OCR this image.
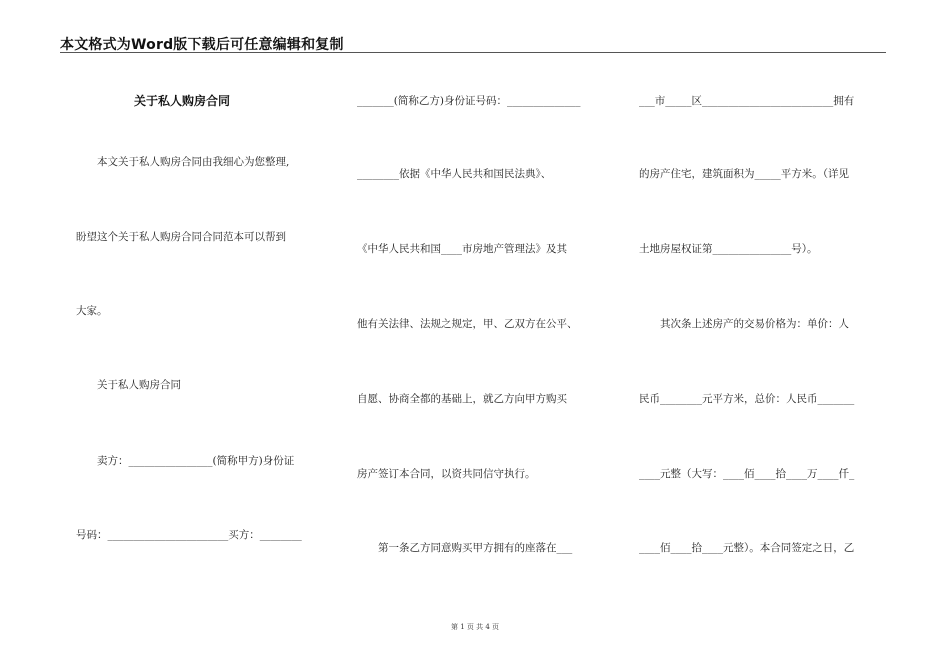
本文格式为Word版下载后可任意编辑和复制
关于私人购房合同
　　本文关于私人购房合同由我细心为您整理,
盼望这个关于私人购房合同合同范本可以帮到
大家。
　　关于私人购房合同
　　卖方：________________(简称甲方)身份证
号码：_______________________买方：________
_______(简称乙方)身份证号码：______________
________依据《中华人民共和国民法典》、
《中华人民共和国____市房地产管理法》及其
他有关法律、法规之规定，甲、乙双方在公平、
自愿、协商全都的基础上，就乙方向甲方购买
房产签订本合同，以资共同信守执行。
　　第一条乙方同意购买甲方拥有的座落在___
___市_____区_________________________拥有
的房产住宅，建筑面积为_____平方米。（详见
土地房屋权证第_______________号）。
　　其次条上述房产的交易价格为：单价：人
民币________元平方米，总价：人民币_______
____元整（大写：____佰____拾____万____仟_
____佰____拾____元整）。本合同签定之日，乙
第 1 页 共 4 页
